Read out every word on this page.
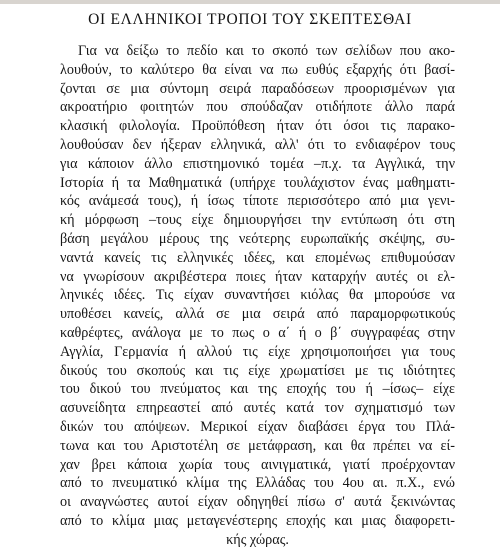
ΟΙ ΕΛΛΗΝΙΚΟΙ ΤΡΟΠΟΙ ΤΟΥ ΣΚΕΠΤΕΣΘΑΙ
Για να δείξω το πεδίο και το σκοπό των σελίδων που ακο-
λουθούν, το καλύτερο θα είναι να πω ευθύς εξαρχής ότι βασί-
ζονται σε μια σύντομη σειρά παραδόσεων προορισμένων για
ακροατήριο φοιτητών που σπούδαζαν οτιδήποτε άλλο παρά
κλασική φιλολογία. Προϋπόθεση ήταν ότι όσοι τις παρακο-
λουθούσαν δεν ήξεραν ελληνικά, αλλ' ότι το ενδιαφέρον τους
για κάποιον άλλο επιστημονικό τομέα –π.χ. τα Αγγλικά, την
Ιστορία ή τα Μαθηματικά (υπήρχε τουλάχιστον ένας μαθηματι-
κός ανάμεσά τους), ή ίσως τίποτε περισσότερο από μια γενι-
κή μόρφωση –τους είχε δημιουργήσει την εντύπωση ότι στη
βάση μεγάλου μέρους της νεότερης ευρωπαϊκής σκέψης, συ-
ναντά κανείς τις ελληνικές ιδέες, και επομένως επιθυμούσαν
να γνωρίσουν ακριβέστερα ποιες ήταν καταρχήν αυτές οι ελ-
ληνικές ιδέες. Τις είχαν συναντήσει κιόλας θα μπορούσε να
υποθέσει κανείς, αλλά σε μια σειρά από παραμορφωτικούς
καθρέφτες, ανάλογα με το πως ο α΄ ή ο β΄ συγγραφέας στην
Αγγλία, Γερμανία ή αλλού τις είχε χρησιμοποιήσει για τους
δικούς του σκοπούς και τις είχε χρωματίσει με τις ιδιότητες
του δικού του πνεύματος και της εποχής του ή –ίσως– είχε
ασυνείδητα επηρεαστεί από αυτές κατά τον σχηματισμό των
δικών του απόψεων. Μερικοί είχαν διαβάσει έργα του Πλά-
τωνα και του Αριστοτέλη σε μετάφραση, και θα πρέπει να εί-
χαν βρει κάποια χωρία τους αινιγματικά, γιατί προέρχονταν
από το πνευματικό κλίμα της Ελλάδας του 4ου αι. π.Χ., ενώ
οι αναγνώστες αυτοί είχαν οδηγηθεί πίσω σ' αυτά ξεκινώντας
από το κλίμα μιας μεταγενέστερης εποχής και μιας διαφορετι-
κής χώρας.
